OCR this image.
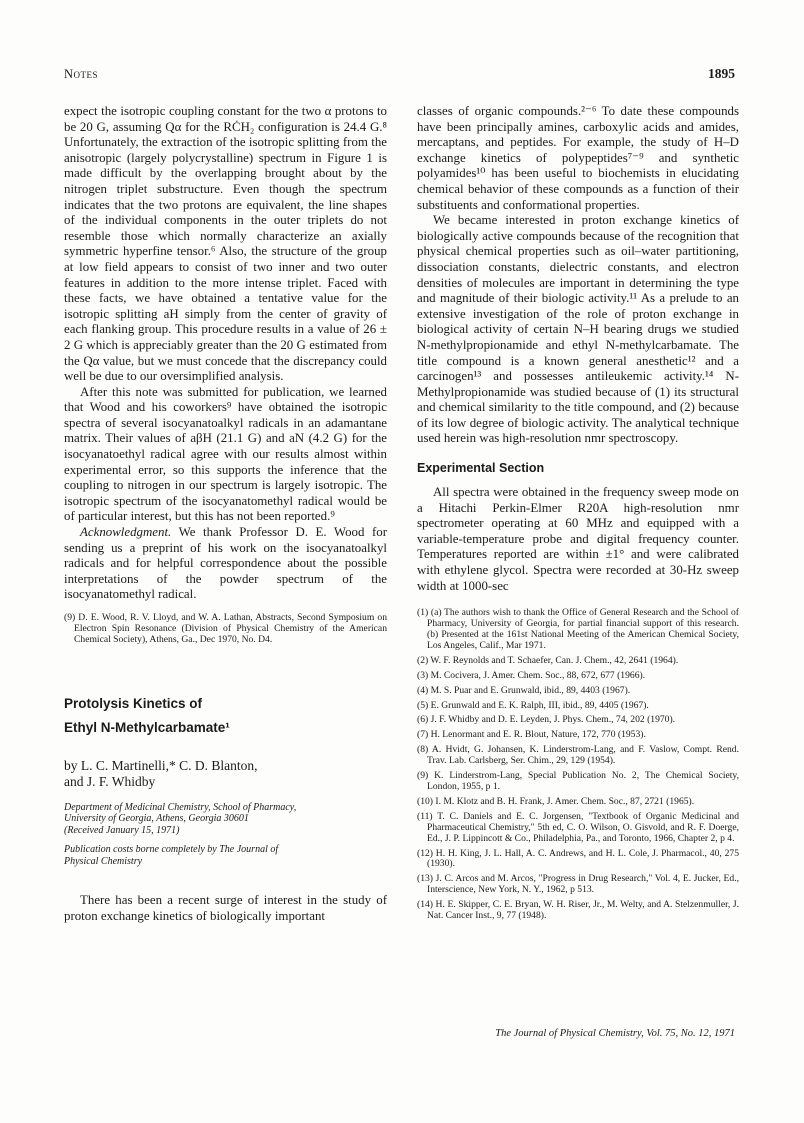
Notes	1895

expect the isotropic coupling constant for the two α protons to be 20 G, assuming Qα for the RĊH₂ configuration is 24.4 G.⁸ Unfortunately, the extraction of the isotropic splitting from the anisotropic (largely polycrystalline) spectrum in Figure 1 is made difficult by the overlapping brought about by the nitrogen triplet substructure. Even though the spectrum indicates that the two protons are equivalent, the line shapes of the individual components in the outer triplets do not resemble those which normally characterize an axially symmetric hyperfine tensor.⁶ Also, the structure of the group at low field appears to consist of two inner and two outer features in addition to the more intense triplet. Faced with these facts, we have obtained a tentative value for the isotropic splitting aH simply from the center of gravity of each flanking group. This procedure results in a value of 26 ± 2 G which is appreciably greater than the 20 G estimated from the Qα value, but we must concede that the discrepancy could well be due to our oversimplified analysis.

After this note was submitted for publication, we learned that Wood and his coworkers⁹ have obtained the isotropic spectra of several isocyanatoalkyl radicals in an adamantane matrix. Their values of aβH (21.1 G) and aN (4.2 G) for the isocyanatoethyl radical agree with our results almost within experimental error, so this supports the inference that the coupling to nitrogen in our spectrum is largely isotropic. The isotropic spectrum of the isocyanatomethyl radical would be of particular interest, but this has not been reported.⁹

Acknowledgment. We thank Professor D. E. Wood for sending us a preprint of his work on the isocyanatoalkyl radicals and for helpful correspondence about the possible interpretations of the powder spectrum of the isocyanatomethyl radical.

(9) D. E. Wood, R. V. Lloyd, and W. A. Lathan, Abstracts, Second Symposium on Electron Spin Resonance (Division of Physical Chemistry of the American Chemical Society), Athens, Ga., Dec 1970, No. D4.

Protolysis Kinetics of

Ethyl N-Methylcarbamate¹

by L. C. Martinelli,* C. D. Blanton,

and J. F. Whidby

Department of Medicinal Chemistry, School of Pharmacy,

University of Georgia, Athens, Georgia 30601

(Received January 15, 1971)

Publication costs borne completely by The Journal of

Physical Chemistry

There has been a recent surge of interest in the study of proton exchange kinetics of biologically important

classes of organic compounds.²⁻⁶ To date these compounds have been principally amines, carboxylic acids and amides, mercaptans, and peptides. For example, the study of H–D exchange kinetics of polypeptides⁷⁻⁹ and synthetic polyamides¹⁰ has been useful to biochemists in elucidating chemical behavior of these compounds as a function of their substituents and conformational properties.

We became interested in proton exchange kinetics of biologically active compounds because of the recognition that physical chemical properties such as oil–water partitioning, dissociation constants, dielectric constants, and electron densities of molecules are important in determining the type and magnitude of their biologic activity.¹¹ As a prelude to an extensive investigation of the role of proton exchange in biological activity of certain N–H bearing drugs we studied N-methylpropionamide and ethyl N-methylcarbamate. The title compound is a known general anesthetic¹² and a carcinogen¹³ and possesses antileukemic activity.¹⁴ N-Methylpropionamide was studied because of (1) its structural and chemical similarity to the title compound, and (2) because of its low degree of biologic activity. The analytical technique used herein was high-resolution nmr spectroscopy.

Experimental Section

All spectra were obtained in the frequency sweep mode on a Hitachi Perkin-Elmer R20A high-resolution nmr spectrometer operating at 60 MHz and equipped with a variable-temperature probe and digital frequency counter. Temperatures reported are within ±1° and were calibrated with ethylene glycol. Spectra were recorded at 30-Hz sweep width at 1000-sec

(1) (a) The authors wish to thank the Office of General Research and the School of Pharmacy, University of Georgia, for partial financial support of this research. (b) Presented at the 161st National Meeting of the American Chemical Society, Los Angeles, Calif., Mar 1971.

(2) W. F. Reynolds and T. Schaefer, Can. J. Chem., 42, 2641 (1964).

(3) M. Cocivera, J. Amer. Chem. Soc., 88, 672, 677 (1966).

(4) M. S. Puar and E. Grunwald, ibid., 89, 4403 (1967).

(5) E. Grunwald and E. K. Ralph, III, ibid., 89, 4405 (1967).

(6) J. F. Whidby and D. E. Leyden, J. Phys. Chem., 74, 202 (1970).

(7) H. Lenormant and E. R. Blout, Nature, 172, 770 (1953).

(8) A. Hvidt, G. Johansen, K. Linderstrom-Lang, and F. Vaslow, Compt. Rend. Trav. Lab. Carlsberg, Ser. Chim., 29, 129 (1954).

(9) K. Linderstrom-Lang, Special Publication No. 2, The Chemical Society, London, 1955, p 1.

(10) I. M. Klotz and B. H. Frank, J. Amer. Chem. Soc., 87, 2721 (1965).

(11) T. C. Daniels and E. C. Jorgensen, "Textbook of Organic Medicinal and Pharmaceutical Chemistry," 5th ed, C. O. Wilson, O. Gisvold, and R. F. Doerge, Ed., J. P. Lippincott & Co., Philadelphia, Pa., and Toronto, 1966, Chapter 2, p 4.

(12) H. H. King, J. L. Hall, A. C. Andrews, and H. L. Cole, J. Pharmacol., 40, 275 (1930).

(13) J. C. Arcos and M. Arcos, "Progress in Drug Research," Vol. 4, E. Jucker, Ed., Interscience, New York, N. Y., 1962, p 513.

(14) H. E. Skipper, C. E. Bryan, W. H. Riser, Jr., M. Welty, and A. Stelzenmuller, J. Nat. Cancer Inst., 9, 77 (1948).

The Journal of Physical Chemistry, Vol. 75, No. 12, 1971
